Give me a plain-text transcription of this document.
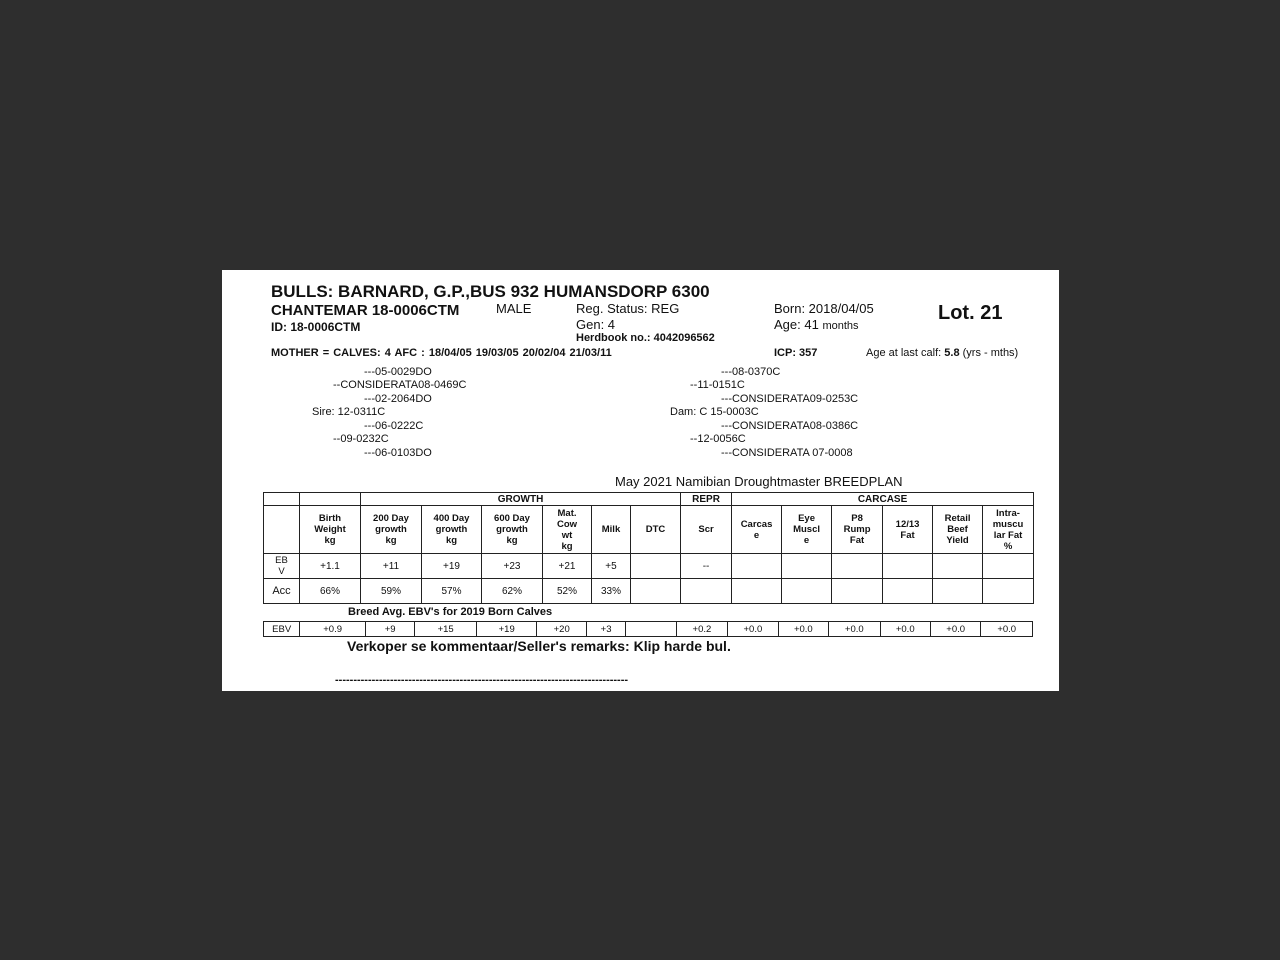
BULLS: BARNARD, G.P.,BUS 932 HUMANSDORP 6300
CHANTEMAR 18-0006CTM	MALE
ID: 18-0006CTM
Reg. Status: REG
Gen: 4
Herdbook no.: 4042096562
Born: 2018/04/05
Age: 41 months
Lot. 21
MOTHER = CALVES: 4 AFC : 18/04/05 19/03/05 20/02/04 21/03/11	ICP: 357	Age at last calf: 5.8 (yrs - mths)
---05-0029DO
--CONSIDERATA08-0469C
---02-2064DO
Sire: 12-0311C
---06-0222C
--09-0232C
---06-0103DO
---08-0370C
--11-0151C
---CONSIDERATA09-0253C
Dam: C 15-0003C
---CONSIDERATA08-0386C
--12-0056C
---CONSIDERATA 07-0008
May 2021 Namibian Droughtmaster BREEDPLAN
		GROWTH						REPR	CARCASE					
	Birth
Weight
kg	200 Day
growth
kg	400 Day
growth
kg	600 Day
growth
kg	Mat.
Cow
wt
kg	Milk	DTC	Scr	Carcas
e	Eye
Muscl
e	P8
Rump
Fat	12/13
Fat	Retail
Beef
Yield	Intra-
muscu
lar Fat
%
EB
V	+1.1	+11	+19	+23	+21	+5		--						
Acc	66%	59%	57%	62%	52%	33%								
Breed Avg. EBV's for 2019 Born Calves
EBV	+0.9	+9	+15	+19	+20	+3		+0.2	+0.0	+0.0	+0.0	+0.0	+0.0	+0.0
Verkoper se kommentaar/Seller's remarks: Klip harde bul.
--------------------------------------------------------------------------------
